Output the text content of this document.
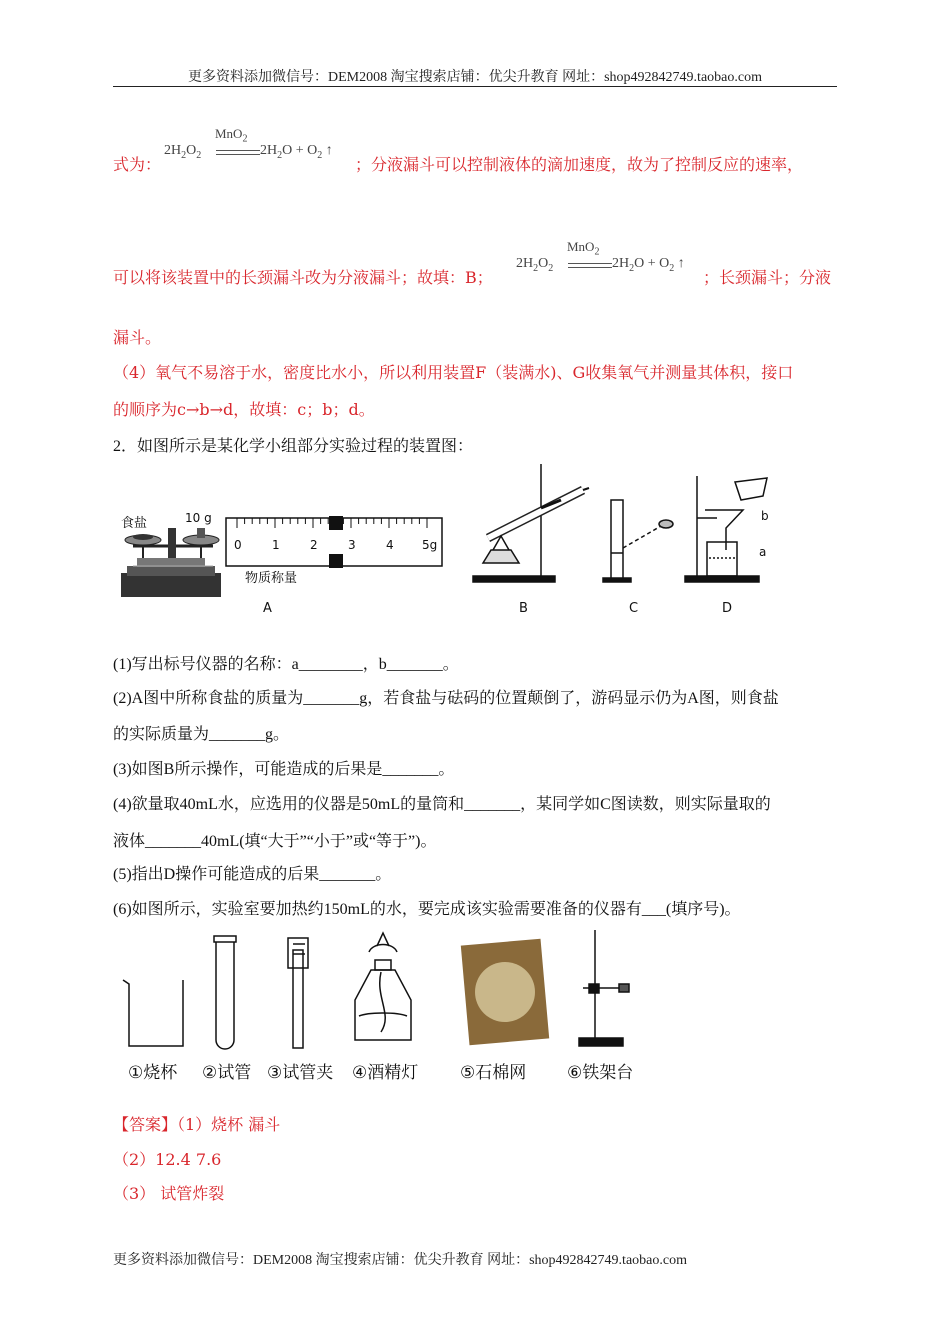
更多资料添加微信号：DEM2008 淘宝搜索店铺：优尖升教育 网址：shop492842749.taobao.com
式为：
MnO$_2$
$2H_2O_2$	$2H_2O + O_2$ ↑
；分液漏斗可以控制液体的滴加速度，故为了控制反应的速率，
可以将该装置中的长颈漏斗改为分液漏斗；故填：B；
MnO$_2$
$2H_2O_2$	$2H_2O + O_2$ ↑
；长颈漏斗；分液
漏斗。
（4）氧气不易溶于水，密度比水小，所以利用装置F（装满水)、G收集氧气并测量其体积，接口
的顺序为c→b→d，故填：c；b；d。
2．如图所示是某化学小组部分实验过程的装置图：
食盐	10 g
0	1	2	3	4 5g
物质称量
A	B	C
b
a
D
(1)写出标号仪器的名称：a________，b_______。
(2)A图中所称食盐的质量为_______g，若食盐与砝码的位置颠倒了，游码显示仍为A图，则食盐
的实际质量为_______g。
(3)如图B所示操作，可能造成的后果是_______。
(4)欲量取40mL水，应选用的仪器是50mL的量筒和_______，某同学如C图读数，则实际量取的
液体_______40mL(填“大于”“小于”或“等于”)。
(5)指出D操作可能造成的后果_______。
(6)如图所示，实验室要加热约150mL的水，要完成该实验需要准备的仪器有___(填序号)。
①烧杯 ②试管 ③试管夹 ④酒精灯 ⑤石棉网 ⑥铁架台
【答案】（1）烧杯 漏斗
（2）12.4 7.6
（3） 试管炸裂
更多资料添加微信号：DEM2008 淘宝搜索店铺：优尖升教育 网址：shop492842749.taobao.com
